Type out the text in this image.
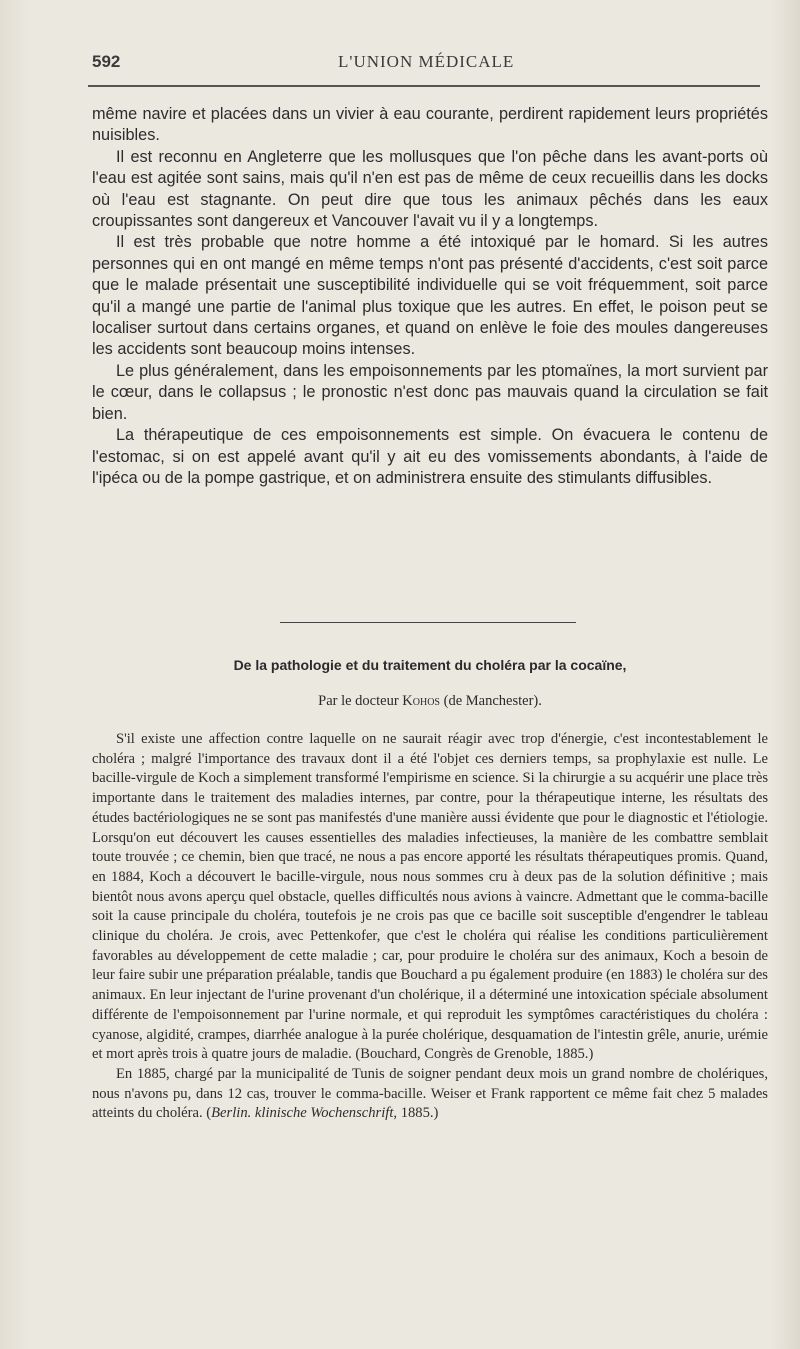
592	L'UNION MÉDICALE

même navire et placées dans un vivier à eau courante, perdirent rapidement leurs propriétés nuisibles.

Il est reconnu en Angleterre que les mollusques que l'on pêche dans les avant-ports où l'eau est agitée sont sains, mais qu'il n'en est pas de même de ceux recueillis dans les docks où l'eau est stagnante. On peut dire que tous les animaux pêchés dans les eaux croupissantes sont dangereux et Vancouver l'avait vu il y a longtemps.

Il est très probable que notre homme a été intoxiqué par le homard. Si les autres personnes qui en ont mangé en même temps n'ont pas présenté d'accidents, c'est soit parce que le malade présentait une susceptibilité individuelle qui se voit fréquemment, soit parce qu'il a mangé une partie de l'animal plus toxique que les autres. En effet, le poison peut se localiser surtout dans certains organes, et quand on enlève le foie des moules dangereuses les accidents sont beaucoup moins intenses.

Le plus généralement, dans les empoisonnements par les ptomaïnes, la mort survient par le cœur, dans le collapsus ; le pronostic n'est donc pas mauvais quand la circulation se fait bien.

La thérapeutique de ces empoisonnements est simple. On évacuera le contenu de l'estomac, si on est appelé avant qu'il y ait eu des vomissements abondants, à l'aide de l'ipéca ou de la pompe gastrique, et on administrera ensuite des stimulants diffusibles.

De la pathologie et du traitement du choléra par la cocaïne,
Par le docteur Kohos (de Manchester).

S'il existe une affection contre laquelle on ne saurait réagir avec trop d'énergie, c'est incontestablement le choléra ; malgré l'importance des travaux dont il a été l'objet ces derniers temps, sa prophylaxie est nulle. Le bacille-virgule de Koch a simplement transformé l'empirisme en science. Si la chirurgie a su acquérir une place très importante dans le traitement des maladies internes, par contre, pour la thérapeutique interne, les résultats des études bactériologiques ne se sont pas manifestés d'une manière aussi évidente que pour le diagnostic et l'étiologie. Lorsqu'on eut découvert les causes essentielles des maladies infectieuses, la manière de les combattre semblait toute trouvée ; ce chemin, bien que tracé, ne nous a pas encore apporté les résultats thérapeutiques promis. Quand, en 1884, Koch a découvert le bacille-virgule, nous nous sommes cru à deux pas de la solution définitive ; mais bientôt nous avons aperçu quel obstacle, quelles difficultés nous avions à vaincre. Admettant que le comma-bacille soit la cause principale du choléra, toutefois je ne crois pas que ce bacille soit susceptible d'engendrer le tableau clinique du choléra. Je crois, avec Pettenkofer, que c'est le choléra qui réalise les conditions particulièrement favorables au développement de cette maladie ; car, pour produire le choléra sur des animaux, Koch a besoin de leur faire subir une préparation préalable, tandis que Bouchard a pu également produire (en 1883) le choléra sur des animaux. En leur injectant de l'urine provenant d'un cholérique, il a déterminé une intoxication spéciale absolument différente de l'empoisonnement par l'urine normale, et qui reproduit les symptômes caractéristiques du choléra : cyanose, algidité, crampes, diarrhée analogue à la purée cholérique, desquamation de l'intestin grêle, anurie, urémie et mort après trois à quatre jours de maladie. (Bouchard, Congrès de Grenoble, 1885.)

En 1885, chargé par la municipalité de Tunis de soigner pendant deux mois un grand nombre de cholériques, nous n'avons pu, dans 12 cas, trouver le comma-bacille. Weiser et Frank rapportent ce même fait chez 5 malades atteints du choléra. (Berlin. klinische Wochenschrift, 1885.)
